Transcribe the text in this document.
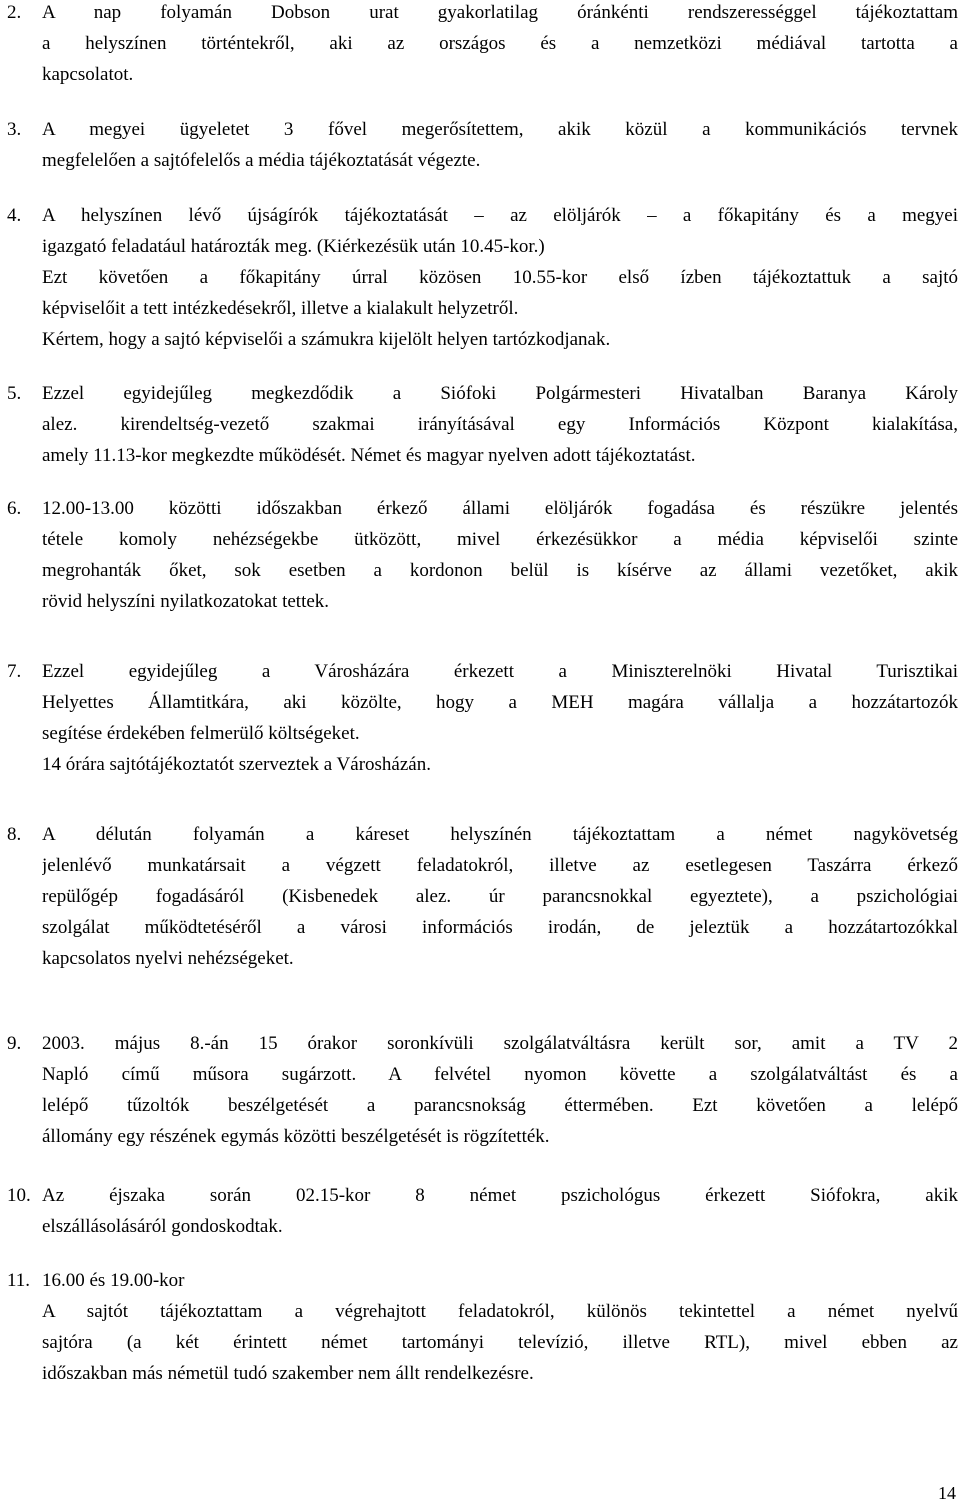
2. A nap folyamán Dobson urat gyakorlatilag óránkénti rendszerességgel tájékoztattam
a helyszínen történtekről, aki az országos és a nemzetközi médiával tartotta a
kapcsolatot.
3. A megyei ügyeletet 3 fővel megerősítettem, akik közül a kommunikációs tervnek
megfelelően a sajtófelelős a média tájékoztatását végezte.
4. A helyszínen lévő újságírók tájékoztatását – az elöljárók – a főkapitány és a megyei
igazgató feladatául határozták meg. (Kiérkezésük után 10.45-kor.)
Ezt követően a főkapitány úrral közösen 10.55-kor első ízben tájékoztattuk a sajtó
képviselőit a tett intézkedésekről, illetve a kialakult helyzetről.
Kértem, hogy a sajtó képviselői a számukra kijelölt helyen tartózkodjanak.
5. Ezzel egyidejűleg megkezdődik a Siófoki Polgármesteri Hivatalban Baranya Károly
alez. kirendeltség-vezető szakmai irányításával egy Információs Központ kialakítása,
amely 11.13-kor megkezdte működését. Német és magyar nyelven adott tájékoztatást.
6. 12.00-13.00 közötti időszakban érkező állami elöljárók fogadása és részükre jelentés
tétele komoly nehézségekbe ütközött, mivel érkezésükkor a média képviselői szinte
megrohanták őket, sok esetben a kordonon belül is kísérve az állami vezetőket, akik
rövid helyszíni nyilatkozatokat tettek.
7. Ezzel egyidejűleg a Városházára érkezett a Miniszterelnöki Hivatal Turisztikai
Helyettes Államtitkára, aki közölte, hogy a MEH magára vállalja a hozzátartozók
segítése érdekében felmerülő költségeket.
14 órára sajtótájékoztatót szerveztek a Városházán.
8. A délután folyamán a káreset helyszínén tájékoztattam a német nagykövetség
jelenlévő munkatársait a végzett feladatokról, illetve az esetlegesen Taszárra érkező
repülőgép fogadásáról (Kisbenedek alez. úr parancsnokkal egyeztete), a pszichológiai
szolgálat működtetéséről a városi információs irodán, de jeleztük a hozzátartozókkal
kapcsolatos nyelvi nehézségeket.
9. 2003. május 8.-án 15 órakor soronkívüli szolgálatváltásra került sor, amit a TV 2
Napló című műsora sugárzott. A felvétel nyomon követte a szolgálatváltást és a
lelépő tűzoltók beszélgetését a parancsnokság éttermében. Ezt követően a lelépő
állomány egy részének egymás közötti beszélgetését is rögzítették.
10. Az éjszaka során 02.15-kor 8 német pszichológus érkezett Siófokra, akik
elszállásolásáról gondoskodtak.
11. 16.00 és 19.00-kor
A sajtót tájékoztattam a végrehajtott feladatokról, különös tekintettel a német nyelvű
sajtóra (a két érintett német tartományi televízió, illetve RTL), mivel ebben az
időszakban más németül tudó szakember nem állt rendelkezésre.
14
